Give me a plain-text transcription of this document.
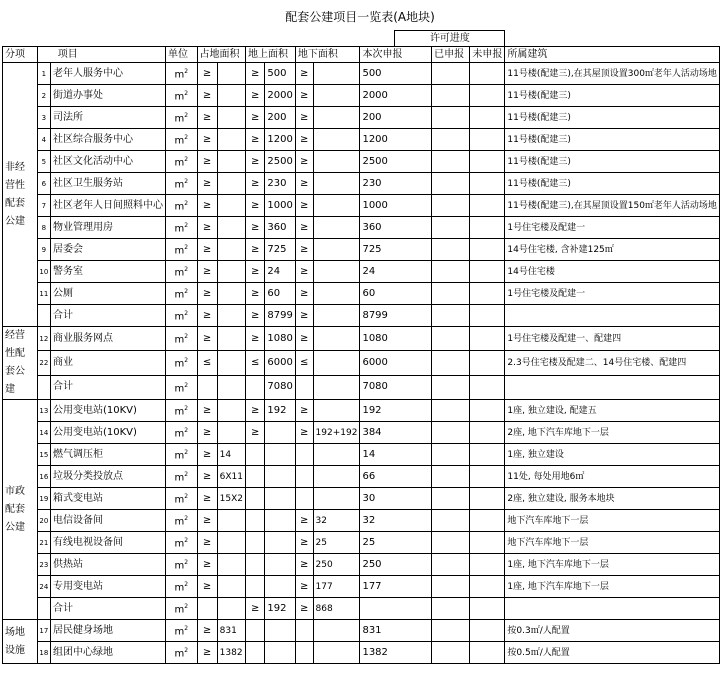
配套公建项目一览表(A地块)
											许可进度			
分项	项目		单位	占地面积		地上面积		地下面积		本次申报		已申报	未申报	所属建筑
非经营性配套公建	1	老年人服务中心	$m^2$	≥		≥	500	≥		500				11号楼(配建三),在其屋顶设置300㎡老年人活动场地
	2	街道办事处	$m^2$	≥		≥	2000	≥		2000				11号楼(配建三)
	3	司法所	$m^2$	≥		≥	200	≥		200				11号楼(配建三)
	4	社区综合服务中心	$m^2$	≥		≥	1200	≥		1200				11号楼(配建三)
	5	社区文化活动中心	$m^2$	≥		≥	2500	≥		2500				11号楼(配建三)
	6	社区卫生服务站	$m^2$	≥		≥	230	≥		230				11号楼(配建三)
	7	社区老年人日间照料中心	$m^2$	≥		≥	1000	≥		1000				11号楼(配建三),在其屋顶设置150㎡老年人活动场地
	8	物业管理用房	$m^2$	≥		≥	360	≥		360				1号住宅楼及配建一
	9	居委会	$m^2$	≥		≥	725	≥		725				14号住宅楼, 含补建125㎡
	10	警务室	$m^2$	≥		≥	24	≥		24				14号住宅楼
	11	公厕	$m^2$	≥		≥	60	≥		60				1号住宅楼及配建一
		合计	$m^2$	≥		≥	8799	≥		8799				
经营性配套公建	12	商业服务网点	$m^2$	≥		≥	1080	≥		1080				1号住宅楼及配建一、配建四
	22	商业	$m^2$	≤		≤	6000	≤		6000				2.3号住宅楼及配建二、14号住宅楼、配建四
		合计	$m^2$				7080			7080				
市政配套公建	13	公用变电站(10KV)	$m^2$	≥		≥	192	≥		192				1座, 独立建设, 配建五
	14	公用变电站(10KV)	$m^2$	≥		≥		≥	192+192	384				2座, 地下汽车库地下一层
	15	燃气调压柜	$m^2$	≥	14					14				1座, 独立建设
	16	垃圾分类投放点	$m^2$	≥	6X11					66				11处, 每处用地6㎡
	19	箱式变电站	$m^2$	≥	15X2					30				2座, 独立建设, 服务本地块
	20	电信设备间	$m^2$	≥				≥	32	32				地下汽车库地下一层
	21	有线电视设备间	$m^2$	≥				≥	25	25				地下汽车库地下一层
	23	供热站	$m^2$	≥				≥	250	250				1座, 地下汽车库地下一层
	24	专用变电站	$m^2$	≥				≥	177	177				1座, 地下汽车库地下一层
		合计	$m^2$			≥	192	≥	868					
场地设施	17	居民健身场地	$m^2$	≥	831					831				按0.3㎡/人配置
	18	组团中心绿地	$m^2$	≥	1382					1382				按0.5㎡/人配置
